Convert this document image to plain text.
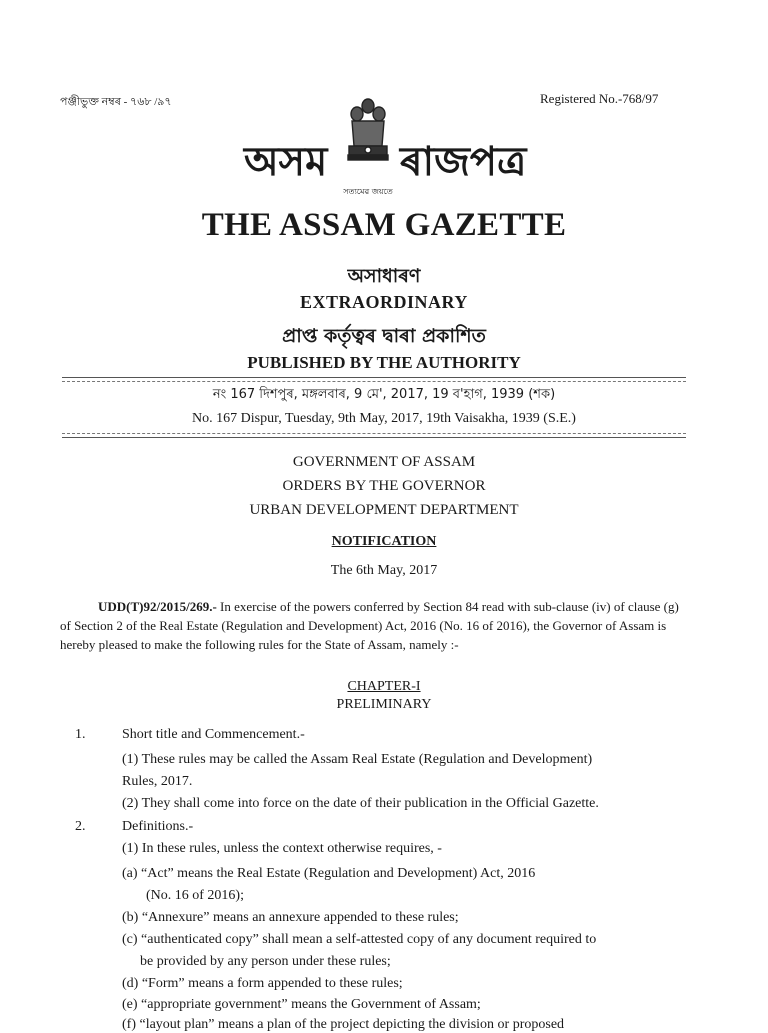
পঞ্জীভুক্ত নম্বৰ - ৭৬৮ /৯৭	Registered No.-768/97
অসম
সত্যমেৱ জয়তে
ৰাজপত্ৰ
THE ASSAM GAZETTE
অসাধাৰণ
EXTRAORDINARY
প্ৰাপ্ত কৰ্তৃত্বৰ দ্বাৰা প্ৰকাশিত
PUBLISHED BY THE AUTHORITY
নং 167 দিশপুৰ, মঙ্গলবাৰ, 9 মে', 2017, 19 ব'হাগ, 1939 (শক)
No. 167 Dispur, Tuesday, 9th May, 2017, 19th Vaisakha, 1939 (S.E.)
GOVERNMENT OF ASSAM
ORDERS BY THE GOVERNOR
URBAN DEVELOPMENT DEPARTMENT
NOTIFICATION
The 6th May, 2017
UDD(T)92/2015/269.- In exercise of the powers conferred by Section 84 read with sub-clause (iv) of clause (g) of Section 2 of the Real Estate (Regulation and Development) Act, 2016 (No. 16 of 2016), the Governor of Assam is hereby pleased to make the following rules for the State of Assam, namely :-
CHAPTER-I
PRELIMINARY
1.	Short title and Commencement.-
(1) These rules may be called the Assam Real Estate (Regulation and Development)
Rules, 2017.
(2) They shall come into force on the date of their publication in the Official Gazette.
2.	Definitions.-
(1) In these rules, unless the context otherwise requires, -
(a) “Act” means the Real Estate (Regulation and Development) Act, 2016
(No. 16 of 2016);
(b) “Annexure” means an annexure appended to these rules;
(c) “authenticated copy” shall mean a self-attested copy of any document required to
be provided by any person under these rules;
(d) “Form” means a form appended to these rules;
(e) “appropriate government” means the Government of Assam;
(f) “layout plan” means a plan of the project depicting the division or proposed
